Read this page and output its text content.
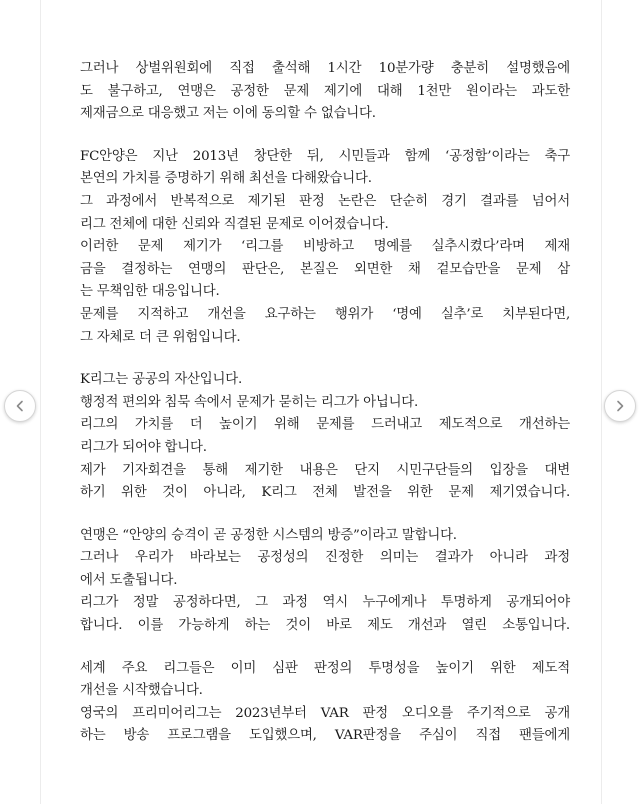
그러나 상벌위원회에 직접 출석해 1시간 10분가량 충분히 설명했음에
도 불구하고, 연맹은 공정한 문제 제기에 대해 1천만 원이라는 과도한
제재금으로 대응했고 저는 이에 동의할 수 없습니다.
FC안양은 지난 2013년 창단한 뒤, 시민들과 함께 ‘공정함’이라는 축구
본연의 가치를 증명하기 위해 최선을 다해왔습니다.
그 과정에서 반복적으로 제기된 판정 논란은 단순히 경기 결과를 넘어서
리그 전체에 대한 신뢰와 직결된 문제로 이어졌습니다.
이러한 문제 제기가 ‘리그를 비방하고 명예를 실추시켰다’라며 제재
금을 결정하는 연맹의 판단은, 본질은 외면한 채 겉모습만을 문제 삼
는 무책임한 대응입니다.
문제를 지적하고 개선을 요구하는 행위가 ‘명예 실추’로 치부된다면,
그 자체로 더 큰 위험입니다.
K리그는 공공의 자산입니다.
행정적 편의와 침묵 속에서 문제가 묻히는 리그가 아닙니다.
리그의 가치를 더 높이기 위해 문제를 드러내고 제도적으로 개선하는
리그가 되어야 합니다.
제가 기자회견을 통해 제기한 내용은 단지 시민구단들의 입장을 대변
하기 위한 것이 아니라, K리그 전체 발전을 위한 문제 제기였습니다.
연맹은 “안양의 승격이 곧 공정한 시스템의 방증”이라고 말합니다.
그러나 우리가 바라보는 공정성의 진정한 의미는 결과가 아니라 과정
에서 도출됩니다.
리그가 정말 공정하다면, 그 과정 역시 누구에게나 투명하게 공개되어야
합니다. 이를 가능하게 하는 것이 바로 제도 개선과 열린 소통입니다.
세계 주요 리그들은 이미 심판 판정의 투명성을 높이기 위한 제도적
개선을 시작했습니다.
영국의 프리미어리그는 2023년부터 VAR 판정 오디오를 주기적으로 공개
하는 방송 프로그램을 도입했으며, VAR판정을 주심이 직접 팬들에게
